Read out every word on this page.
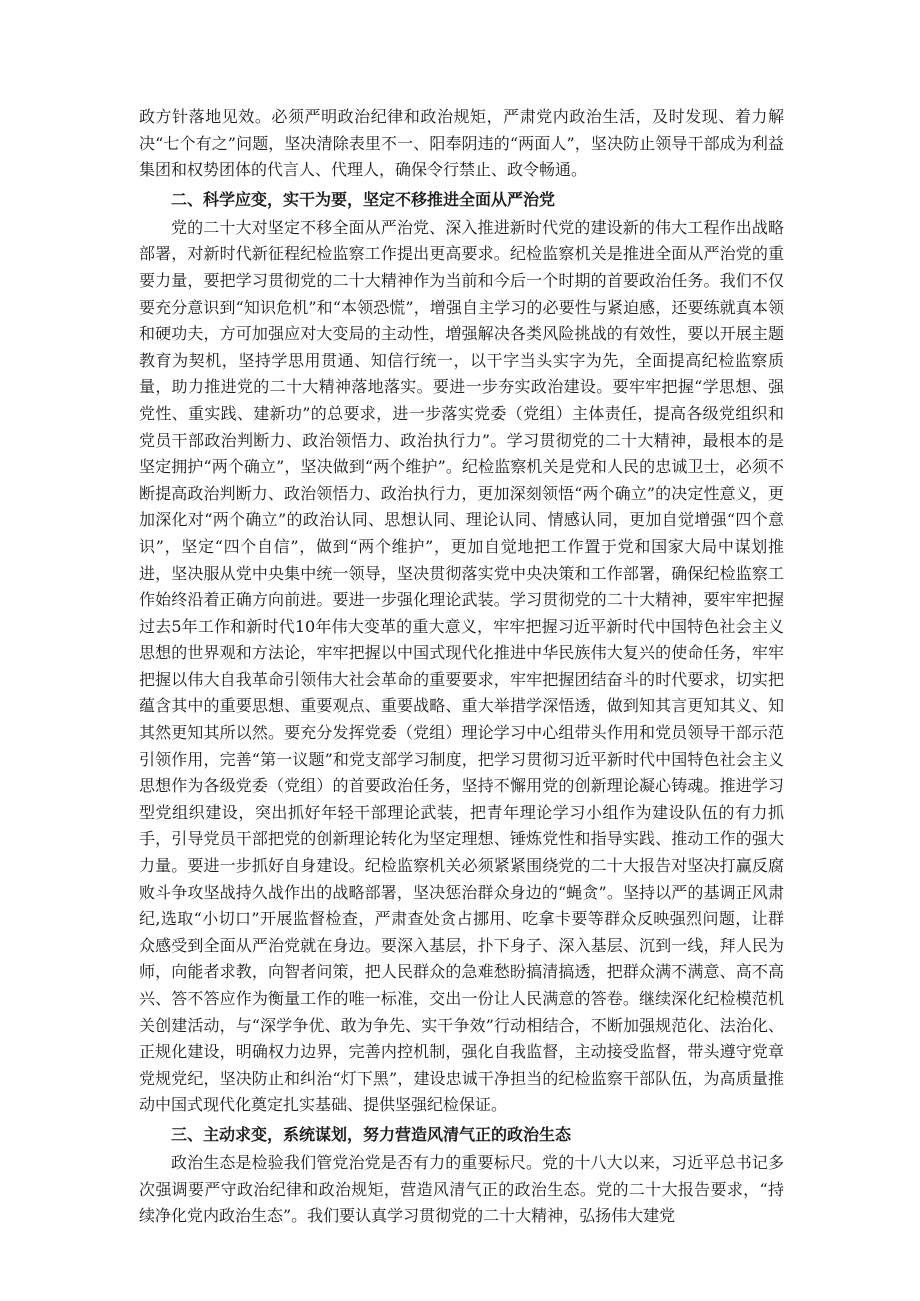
政方针落地见效。必须严明政治纪律和政治规矩，严肃党内政治生活，及时发现、着力解决“七个有之”问题，坚决清除表里不一、阳奉阴违的“两面人”，坚决防止领导干部成为利益集团和权势团体的代言人、代理人，确保令行禁止、政令畅通。

二、科学应变，实干为要，坚定不移推进全面从严治党

党的二十大对坚定不移全面从严治党、深入推进新时代党的建设新的伟大工程作出战略部署，对新时代新征程纪检监察工作提出更高要求。纪检监察机关是推进全面从严治党的重要力量，要把学习贯彻党的二十大精神作为当前和今后一个时期的首要政治任务。我们不仅要充分意识到“知识危机”和“本领恐慌”，增强自主学习的必要性与紧迫感，还要练就真本领和硬功夫，方可加强应对大变局的主动性，増强解决各类风险挑战的有效性，要以开展主题教育为契机，坚持学思用贯通、知信行统一，以干字当头实字为先，全面提高纪检监察质量，助力推进党的二十大精神落地落实。要进一步夯实政治建设。要牢牢把握“学思想、强党性、重实践、建新功”的总要求，进一步落实党委（党组）主体责任，提高各级党组织和党员干部政治判断力、政治领悟力、政治执行力”。学习贯彻党的二十大精神，最根本的是坚定拥护“两个确立”，坚决做到“两个维护”。纪检监察机关是党和人民的忠诚卫士，必须不断提高政治判断力、政治领悟力、政治执行力，更加深刻领悟“两个确立”的决定性意义，更加深化对“两个确立”的政治认同、思想认同、理论认同、情感认同，更加自觉增强“四个意识”，坚定“四个自信”，做到“两个维护”，更加自觉地把工作置于党和国家大局中谋划推进，坚决服从党中央集中统一领导，坚决贯彻落实党中央决策和工作部署，确保纪检监察工作始终沿着正确方向前进。要进一步强化理论武装。学习贯彻党的二十大精神，要牢牢把握过去5年工作和新时代10年伟大变革的重大意义，牢牢把握习近平新时代中国特色社会主义思想的世界观和方法论，牢牢把握以中国式现代化推进中华民族伟大复兴的使命任务，牢牢把握以伟大自我革命引领伟大社会革命的重要要求，牢牢把握团结奋斗的时代要求，切实把蕴含其中的重要思想、重要观点、重要战略、重大举措学深悟透，做到知其言更知其义、知其然更知其所以然。要充分发挥党委（党组）理论学习中心组带头作用和党员领导干部示范引领作用，完善“第一议题”和党支部学习制度，把学习贯彻习近平新时代中国特色社会主义思想作为各级党委（党组）的首要政治任务，坚持不懈用党的创新理论凝心铸魂。推进学习型党组织建设，突出抓好年轻干部理论武装，把青年理论学习小组作为建设队伍的有力抓手，引导党员干部把党的创新理论转化为坚定理想、锤炼党性和指导实践、推动工作的强大力量。要进一步抓好自身建设。纪检监察机关必须紧紧围绕党的二十大报告对坚决打赢反腐败斗争攻坚战持久战作出的战略部署，坚决惩治群众身边的“蝇贪”。坚持以严的基调正风肃纪,选取“小切口”开展监督检查，严肃查处贪占挪用、吃拿卡要等群众反映强烈问题，让群众感受到全面从严治党就在身边。要深入基层，扑下身子、深入基层、沉到一线，拜人民为师，向能者求教，向智者问策，把人民群众的急难愁盼搞清搞透，把群众满不满意、高不高兴、答不答应作为衡量工作的唯一标准，交出一份让人民满意的答卷。继续深化纪检模范机关创建活动，与“深学争优、敢为争先、实干争效”行动相结合，不断加强规范化、法治化、正规化建设，明确权力边界，完善内控机制，强化自我监督，主动接受监督，带头遵守党章党规党纪，坚决防止和纠治“灯下黑”，建设忠诚干净担当的纪检监察干部队伍，为高质量推动中国式现代化奠定扎实基础、提供坚强纪检保证。

三、主动求变，系统谋划，努力营造风清气正的政治生态

政治生态是检验我们管党治党是否有力的重要标尺。党的十八大以来，习近平总书记多次强调要严守政治纪律和政治规矩，营造风清气正的政治生态。党的二十大报告要求，“持续净化党内政治生态”。我们要认真学习贯彻党的二十大精神，弘扬伟大建党
